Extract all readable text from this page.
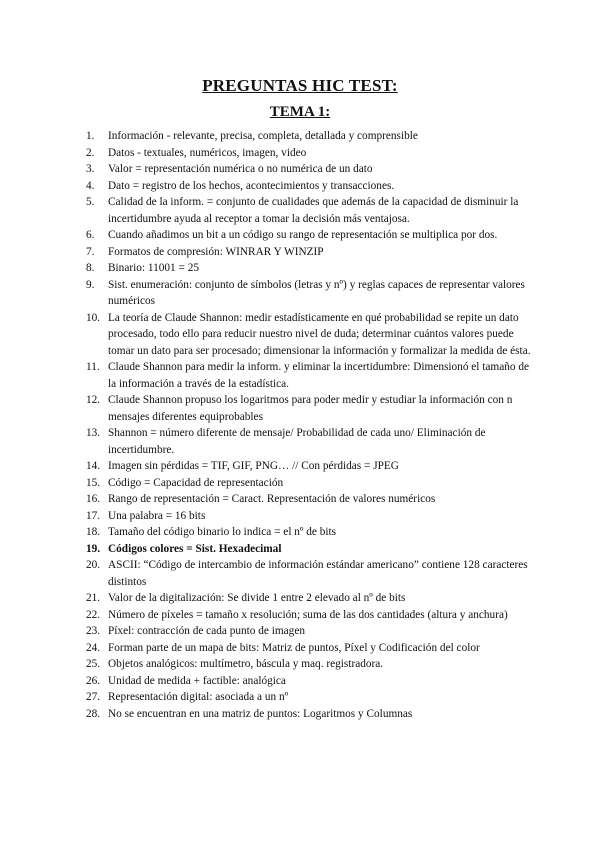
PREGUNTAS HIC TEST:
TEMA 1:
1.	Información - relevante, precisa, completa, detallada y comprensible
2.	Datos - textuales, numéricos, imagen, video
3.	Valor = representación numérica o no numérica de un dato
4.	Dato = registro de los hechos, acontecimientos y transacciones.
5.	Calidad de la inform. = conjunto de cualidades que además de la capacidad de disminuir la incertidumbre ayuda al receptor a tomar la decisión más ventajosa.
6.	Cuando añadimos un bit a un código su rango de representación se multiplica por dos.
7.	Formatos de compresión: WINRAR Y WINZIP
8.	Binario: 11001 = 25
9.	Sist. enumeración: conjunto de símbolos (letras y nº) y reglas capaces de representar valores numéricos
10. La teoría de Claude Shannon: medir estadísticamente en qué probabilidad se repite un dato procesado, todo ello para reducir nuestro nivel de duda; determinar cuántos valores puede tomar un dato para ser procesado; dimensionar la información y formalizar la medida de ésta.
11. Claude Shannon para medir la inform. y eliminar la incertidumbre: Dimensionó el tamaño de la información a través de la estadística.
12. Claude Shannon propuso los logaritmos para poder medir y estudiar la información con n mensajes diferentes equiprobables
13. Shannon = número diferente de mensaje/ Probabilidad de cada uno/ Eliminación de incertidumbre.
14. Imagen sin pérdidas = TIF, GIF, PNG… // Con pérdidas = JPEG
15. Código = Capacidad de representación
16. Rango de representación = Caract. Representación de valores numéricos
17. Una palabra = 16 bits
18. Tamaño del código binario lo indica = el nº de bits
19. Códigos colores = Sist. Hexadecimal
20. ASCII: “Código de intercambio de información estándar americano” contiene 128 caracteres distintos
21. Valor de la digitalización: Se divide 1 entre 2 elevado al nº de bits
22. Número de píxeles = tamaño x resolución; suma de las dos cantidades (altura y anchura)
23. Píxel: contracción de cada punto de imagen
24. Forman parte de un mapa de bits: Matriz de puntos, Píxel y Codificación del color
25. Objetos analógicos: multímetro, báscula y maq. registradora.
26. Unidad de medida + factible: analógica
27. Representación digital: asociada a un nº
28. No se encuentran en una matriz de puntos: Logaritmos y Columnas
